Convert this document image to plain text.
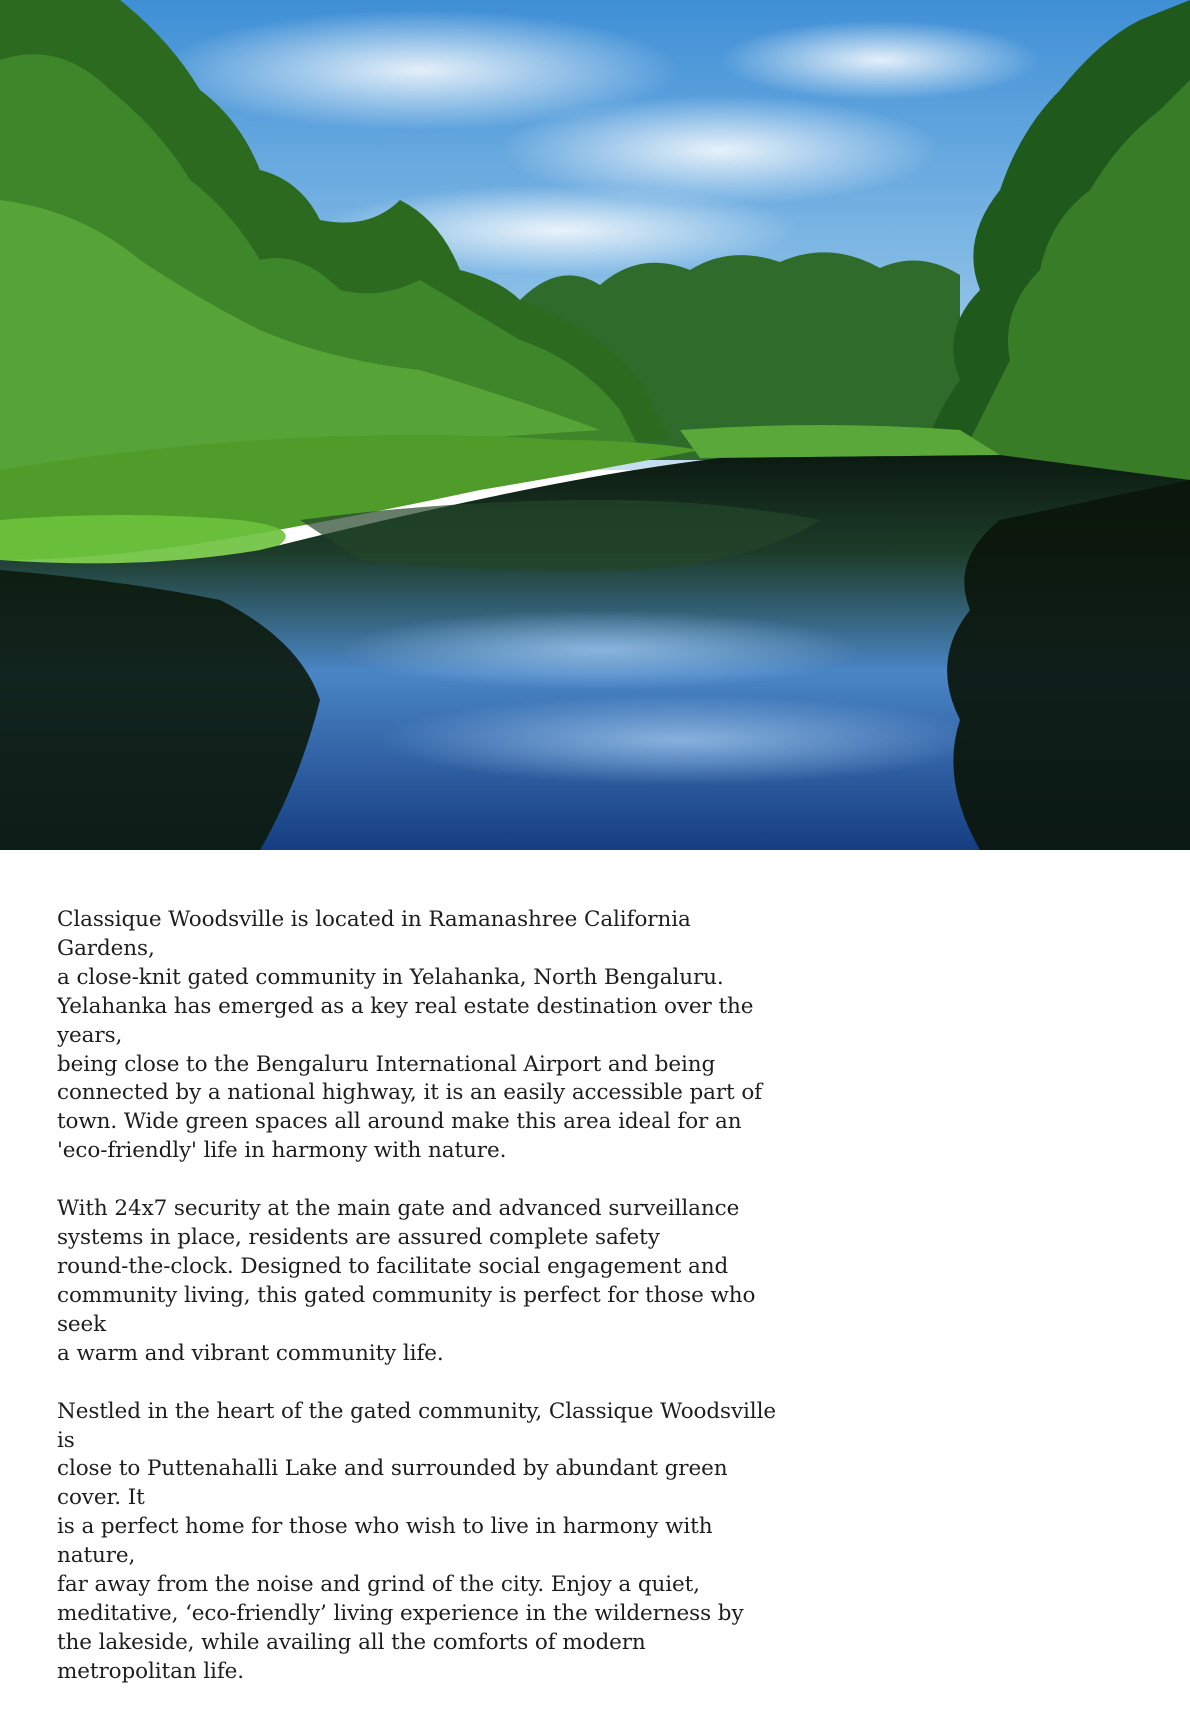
Classique Woodsville is located in Ramanashree California Gardens,
a close-knit gated community in Yelahanka, North Bengaluru.
Yelahanka has emerged as a key real estate destination over the years,
being close to the Bengaluru International Airport and being
connected by a national highway, it is an easily accessible part of
town. Wide green spaces all around make this area ideal for an
'eco-friendly' life in harmony with nature.

With 24x7 security at the main gate and advanced surveillance
systems in place, residents are assured complete safety
round-the-clock. Designed to facilitate social engagement and
community living, this gated community is perfect for those who seek
a warm and vibrant community life.

Nestled in the heart of the gated community, Classique Woodsville is
close to Puttenahalli Lake and surrounded by abundant green cover. It
is a perfect home for those who wish to live in harmony with nature,
far away from the noise and grind of the city. Enjoy a quiet,
meditative, ‘eco-friendly’ living experience in the wilderness by
the lakeside, while availing all the comforts of modern
metropolitan life.
